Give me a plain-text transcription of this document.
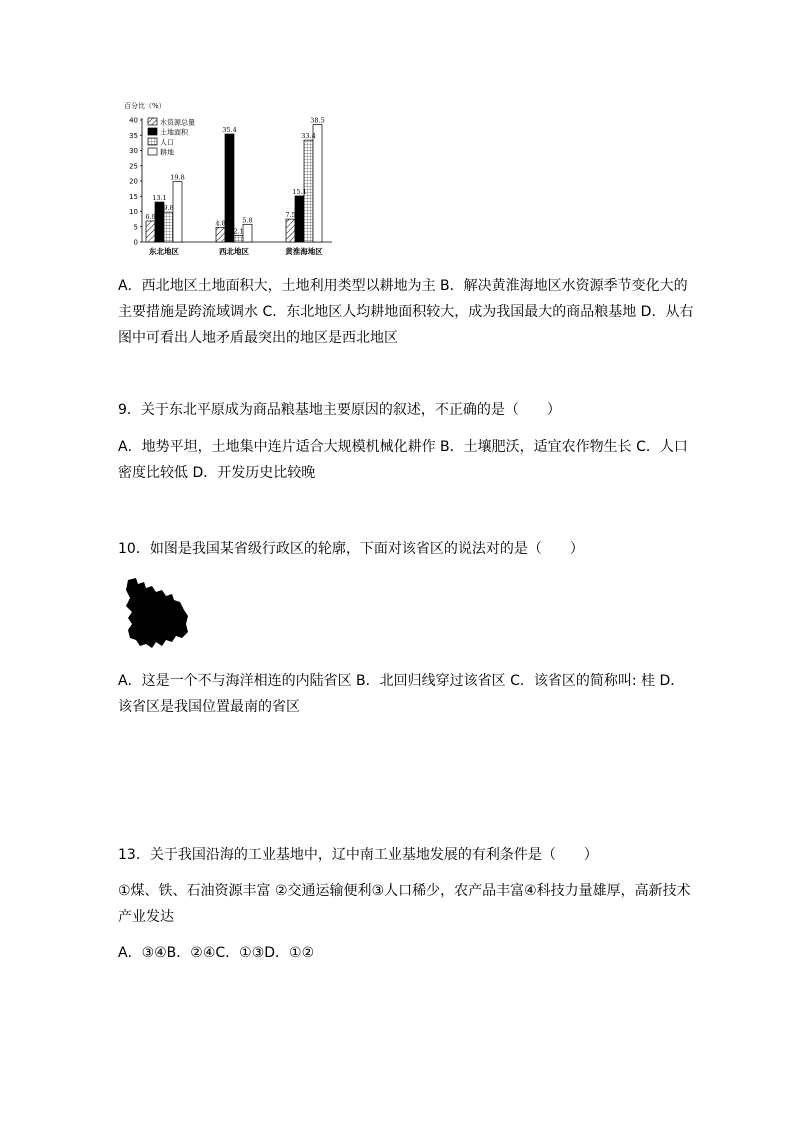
百分比（%）
0
5
10
15
20
25
30
35
40
6.9
13.1
9.8
19.8
4.8
35.4
2.1
5.8
7.5
15.1
33.4
38.5
东北地区	西北地区	黄淮海地区
水资源总量
土地面积
人口
耕地

A．西北地区土地面积大，土地利用类型以耕地为主 B．解决黄淮海地区水资源季节变化大的主要措施是跨流域调水 C．东北地区人均耕地面积较大，成为我国最大的商品粮基地 D．从右图中可看出人地矛盾最突出的地区是西北地区

9．关于东北平原成为商品粮基地主要原因的叙述，不正确的是（　　）

A．地势平坦，土地集中连片适合大规模机械化耕作 B．土壤肥沃，适宜农作物生长 C．人口密度比较低 D．开发历史比较晚

10．如图是我国某省级行政区的轮廓，下面对该省区的说法对的是（　　）

A．这是一个不与海洋相连的内陆省区 B．北回归线穿过该省区 C．该省区的简称叫: 桂 D．该省区是我国位置最南的省区

13．关于我国沿海的工业基地中，辽中南工业基地发展的有利条件是（　　）

①煤、铁、石油资源丰富 ②交通运输便利③人口稀少，农产品丰富④科技力量雄厚，高新技术产业发达

A．③④B．②④C．①③D．①②
